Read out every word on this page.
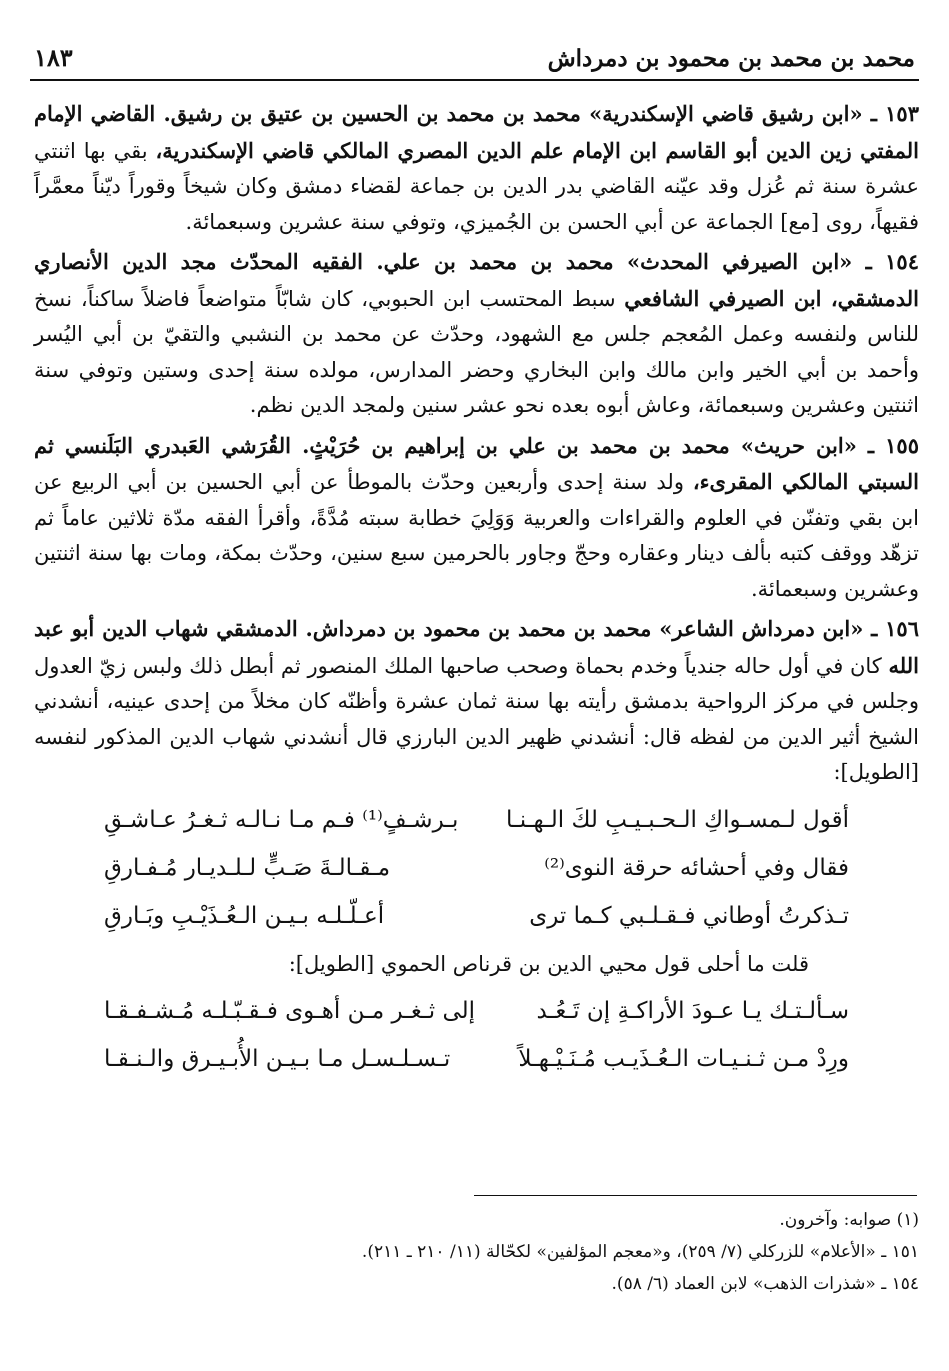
محمد بن محمد بن محمود بن دمرداش
١٨٣

١٥٣ ـ «ابن رشيق قاضي الإسكندرية» محمد بن محمد بن الحسين بن عتيق بن رشيق. القاضي الإمام المفتي زين الدين أبو القاسم ابن الإمام علم الدين المصري المالكي قاضي الإسكندرية، بقي بها اثنتي عشرة سنة ثم عُزل وقد عيّنه القاضي بدر الدين بن جماعة لقضاء دمشق وكان شيخاً وقوراً ديّناً معمَّراً فقيهاً، روى [مع] الجماعة عن أبي الحسن بن الجُميزي، وتوفي سنة عشرين وسبعمائة.

١٥٤ ـ «ابن الصيرفي المحدث» محمد بن محمد بن علي. الفقيه المحدّث مجد الدين الأنصاري الدمشقي، ابن الصيرفي الشافعي سبط المحتسب ابن الحبوبي، كان شابّاً متواضعاً فاضلاً ساكناً، نسخ للناس ولنفسه وعمل المُعجم جلس مع الشهود، وحدّث عن محمد بن النشبي والتقيّ بن أبي اليُسر وأحمد بن أبي الخير وابن مالك وابن البخاري وحضر المدارس، مولده سنة إحدى وستين وتوفي سنة اثنتين وعشرين وسبعمائة، وعاش أبوه بعده نحو عشر سنين ولمجد الدين نظم.

١٥٥ ـ «ابن حريث» محمد بن محمد بن علي بن إبراهيم بن حُرَيْثٍ. القُرَشي العَبدري البَلَنسي ثم السبتي المالكي المقرىء، ولد سنة إحدى وأربعين وحدّث بالموطأ عن أبي الحسين بن أبي الربيع عن ابن بقي وتفنّن في العلوم والقراءات والعربية وَوَلِيَ خطابة سبته مُدَّةً، وأقرأ الفقه مدّة ثلاثين عاماً ثم تزهّد ووقف كتبه بألف دينار وعقاره وحجّ وجاور بالحرمين سبع سنين، وحدّث بمكة، ومات بها سنة اثنتين وعشرين وسبعمائة.

١٥٦ ـ «ابن دمرداش الشاعر» محمد بن محمد بن محمود بن دمرداش. الدمشقي شهاب الدين أبو عبد الله كان في أول حاله جندياً وخدم بحماة وصحب صاحبها الملك المنصور ثم أبطل ذلك ولبس زيّ العدول وجلس في مركز الرواحية بدمشق رأيته بها سنة ثمان عشرة وأظنّه كان مخلاً من إحدى عينيه، أنشدني الشيخ أثير الدين من لفظه قال: أنشدني ظهير الدين البارزي قال أنشدني شهاب الدين المذكور لنفسه [الطويل]:

أقول لـمسـواكِ الـحـبـيـبِ لكَ الـهـنـا
بـرشـفٍ⁽¹⁾ فـم مـا نـالـه ثـغـرُ عـاشـقِ
فقال وفي أحشائه حرقة النوى⁽²⁾
مـقـالـةَ صَـبٍّ لـلـديـار مُـفـارقِ
تـذكرتُ أوطاني فـقـلـبي كـما ترى
أعـلّـلـه بـيـن الـعُـذَيْـبِ وبَـارقِ

قلت ما أحلى قول محيي الدين بن قرناص الحموي [الطويل]:

سـألـتـك يـا عـودَ الأراكـةِ إن تَـعُـد
إلى ثـغـر مـن أهـوى فـقـبّـلـه مُـشـفـقـا
ورِدْ مـن ثـنـيـات الـعُـذَيـب مُـنَـيْـهـلاً
تـسـلـسـل مـا بـيـن الأُبـيـرق والـنـقـا

(١) صوابه: وآخرون.

١٥١ ـ «الأعلام» للزركلي (٧/ ٢٥٩)، و«معجم المؤلفين» لكحّالة (١١/ ٢١٠ ـ ٢١١).

١٥٤ ـ «شذرات الذهب» لابن العماد (٦/ ٥٨).
